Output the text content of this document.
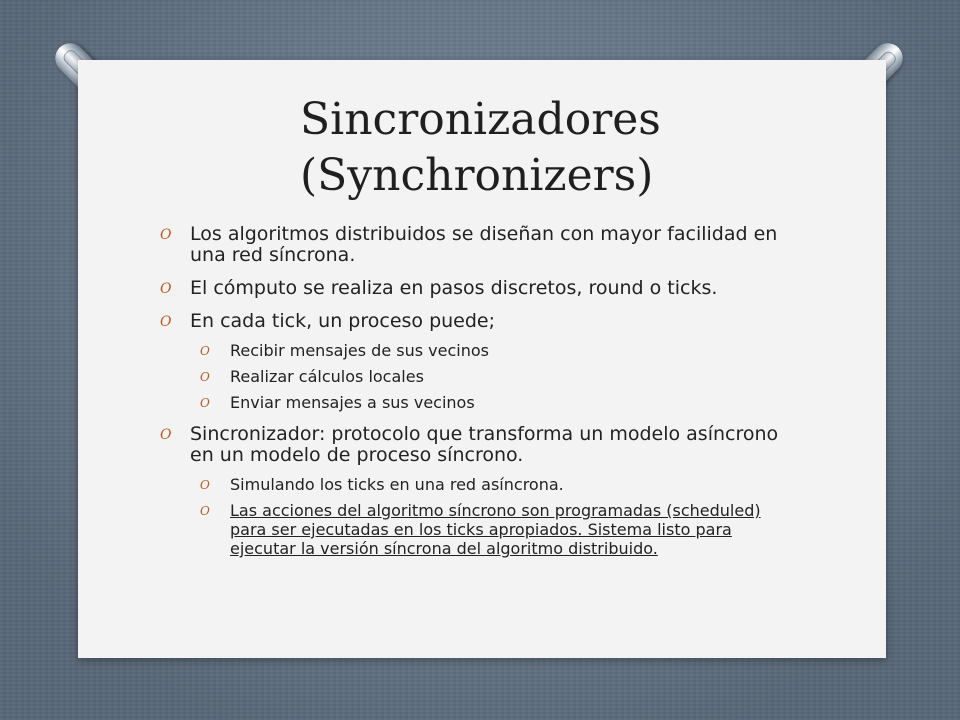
Sincronizadores
(Synchronizers)
O Los algoritmos distribuidos se diseñan con mayor facilidad en una red síncrona.
O El cómputo se realiza en pasos discretos, round o ticks.
O En cada tick, un proceso puede;
O Recibir mensajes de sus vecinos
O Realizar cálculos locales
O Enviar mensajes a sus vecinos
O Sincronizador: protocolo que transforma un modelo asíncrono en un modelo de proceso síncrono.
O Simulando los ticks en una red asíncrona.
O Las acciones del algoritmo síncrono son programadas (scheduled) para ser ejecutadas en los ticks apropiados. Sistema listo para ejecutar la versión síncrona del algoritmo distribuido.
